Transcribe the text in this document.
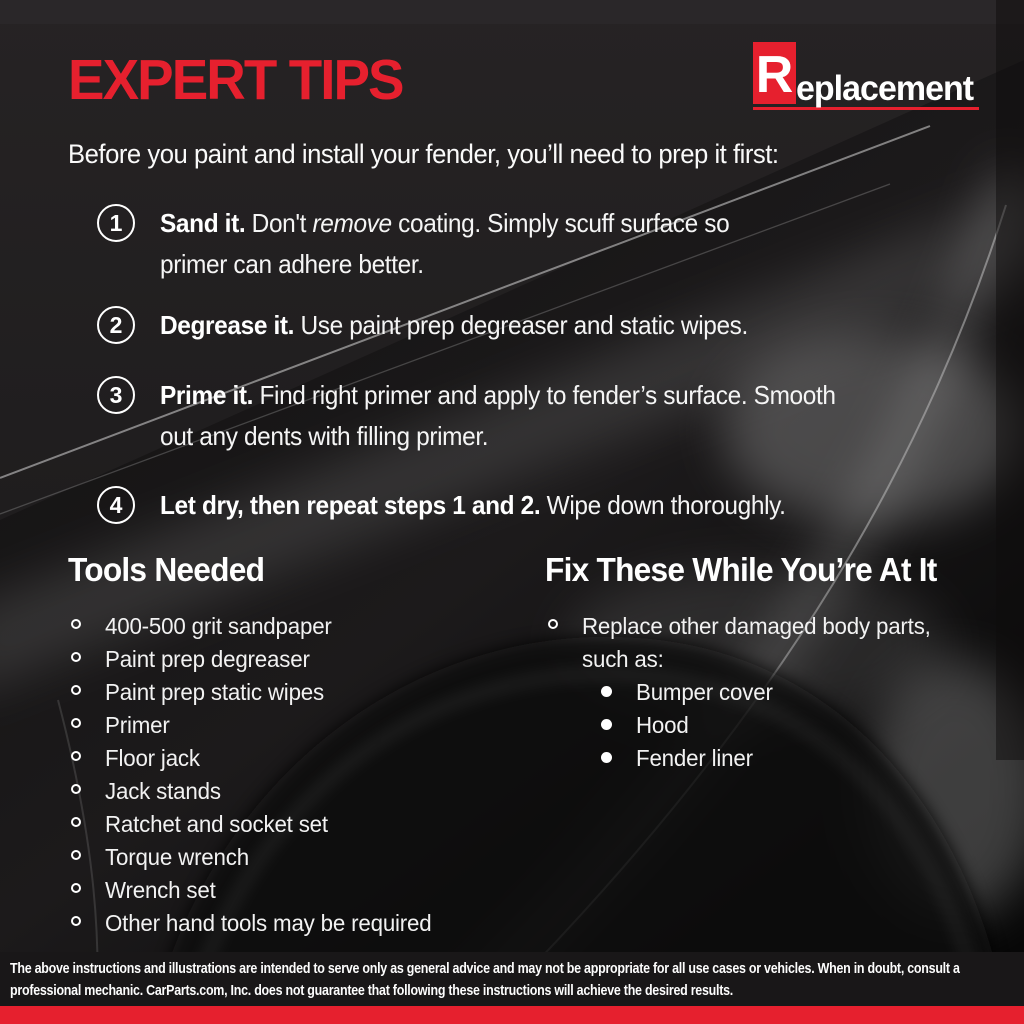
EXPERT TIPS	R eplacement
Before you paint and install your fender, you’ll need to prep it first:
1 Sand it. Don't remove coating. Simply scuff surface so primer can adhere better.
2 Degrease it. Use paint prep degreaser and static wipes.
3 Prime it. Find right primer and apply to fender’s surface. Smooth out any dents with filling primer.
4 Let dry, then repeat steps 1 and 2. Wipe down thoroughly.
Tools Needed
400-500 grit sandpaper
Paint prep degreaser
Paint prep static wipes
Primer
Floor jack
Jack stands
Ratchet and socket set
Torque wrench
Wrench set
Other hand tools may be required
Fix These While You’re At It
Replace other damaged body parts,
such as:
Bumper cover
Hood
Fender liner
The above instructions and illustrations are intended to serve only as general advice and may not be appropriate for all use cases or vehicles. When in doubt, consult a
professional mechanic. CarParts.com, Inc. does not guarantee that following these instructions will achieve the desired results.
